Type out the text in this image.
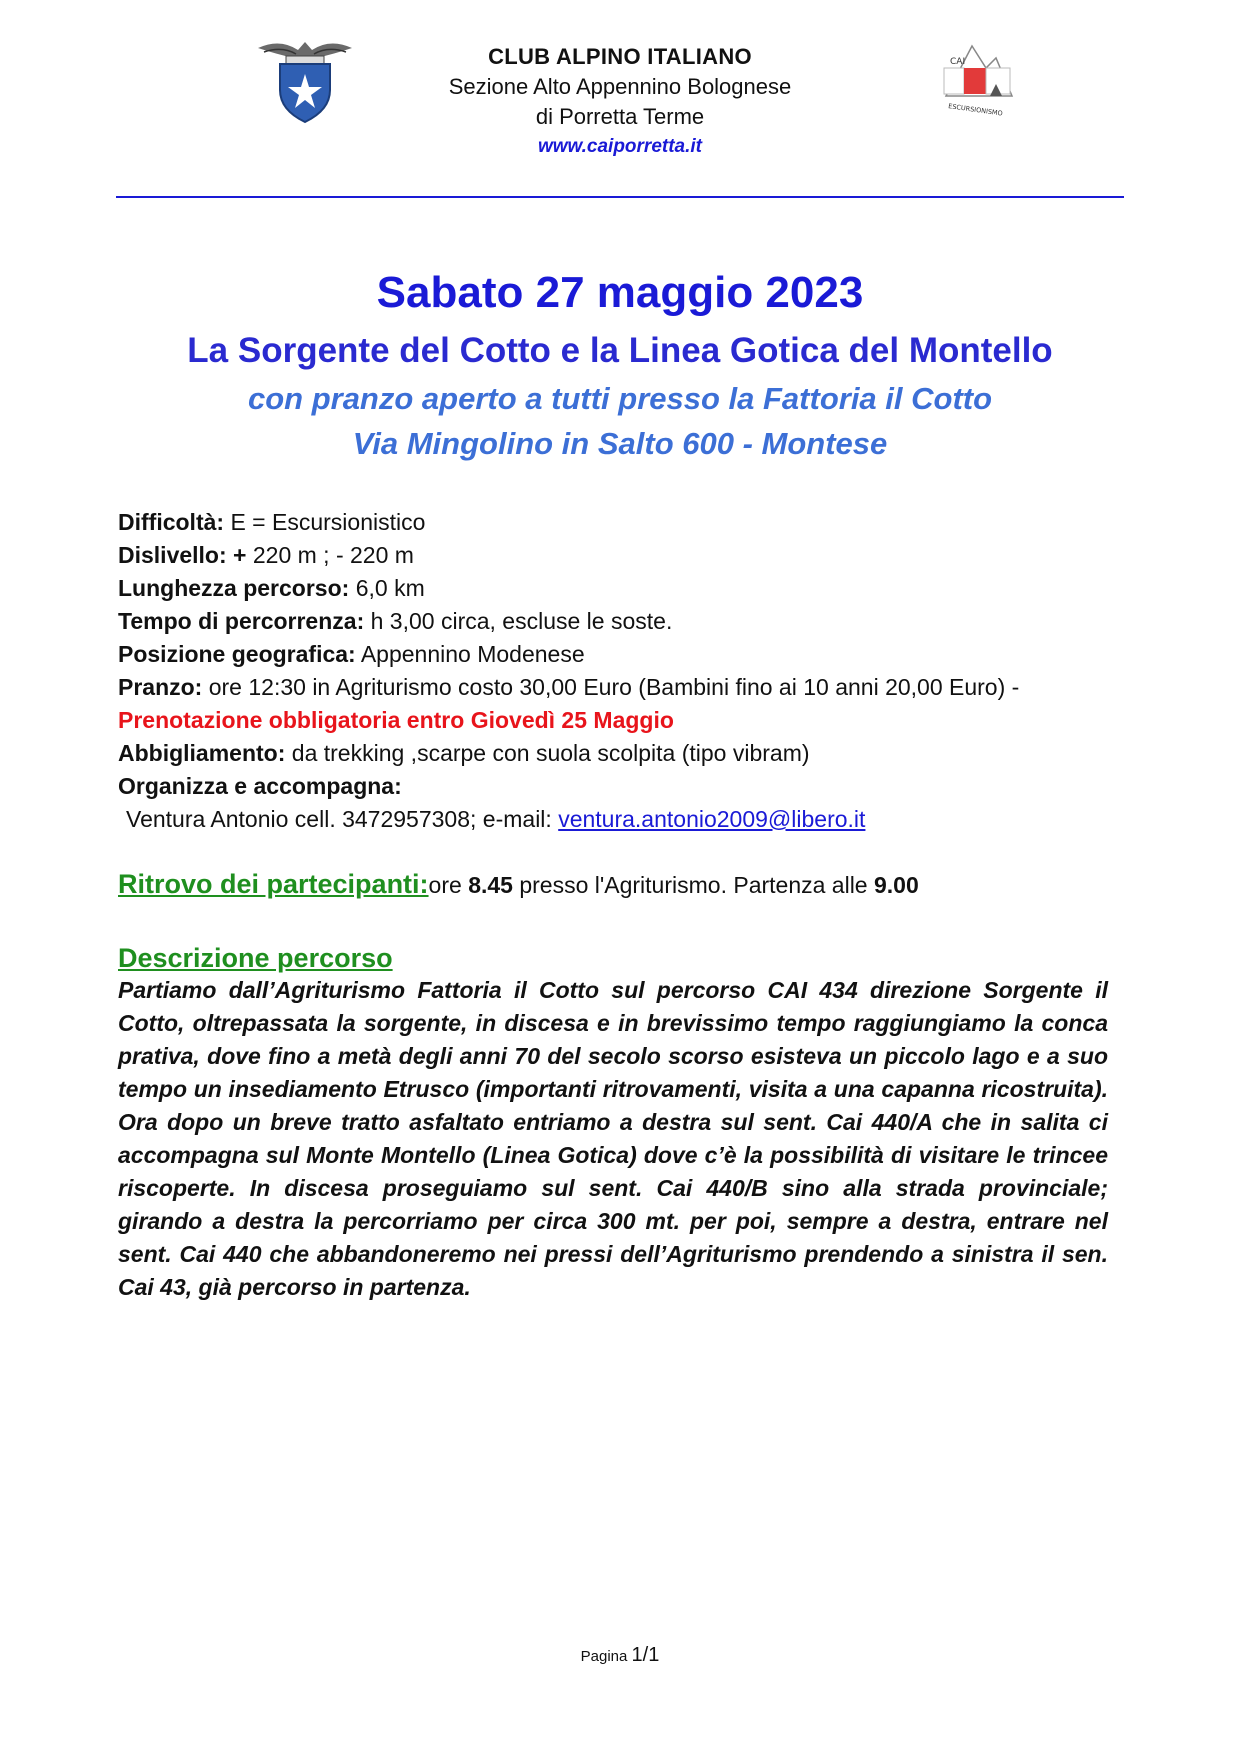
CLUB ALPINO ITALIANO
Sezione Alto Appennino Bolognese
di Porretta Terme
www.caiporretta.it
CAI
ESCURSIONISMO
Sabato 27 maggio 2023
La Sorgente del Cotto e la Linea Gotica del Montello
con pranzo aperto a tutti presso la Fattoria il Cotto
Via Mingolino in Salto 600 - Montese
Difficoltà: E = Escursionistico
Dislivello: + 220 m ; - 220 m
Lunghezza percorso: 6,0 km
Tempo di percorrenza: h 3,00 circa, escluse le soste.
Posizione geografica: Appennino Modenese
Pranzo: ore 12:30 in Agriturismo costo 30,00 Euro (Bambini fino ai 10 anni 20,00 Euro) -
Prenotazione obbligatoria entro Giovedì 25 Maggio
Abbigliamento: da trekking ,scarpe con suola scolpita (tipo vibram)
Organizza e accompagna:
Ventura Antonio cell. 3472957308; e-mail: ventura.antonio2009@libero.it
Ritrovo dei partecipanti:ore 8.45 presso l'Agriturismo. Partenza alle 9.00
Descrizione percorso
Partiamo dall’Agriturismo Fattoria il Cotto sul percorso CAI 434 direzione Sorgente il Cotto, oltrepassata la sorgente, in discesa e in brevissimo tempo raggiungiamo la conca prativa, dove fino a metà degli anni 70 del secolo scorso esisteva un piccolo lago e a suo tempo un insediamento Etrusco (importanti ritrovamenti, visita a una capanna ricostruita). Ora dopo un breve tratto asfaltato entriamo a destra sul sent. Cai 440/A che in salita ci accompagna sul Monte Montello (Linea Gotica) dove c’è la possibilità di visitare le trincee riscoperte. In discesa proseguiamo sul sent. Cai 440/B sino alla strada provinciale; girando a destra la percorriamo per circa 300 mt. per poi, sempre a destra, entrare nel sent. Cai 440 che abbandoneremo nei pressi dell’Agriturismo prendendo a sinistra il sen. Cai 43, già percorso in partenza.
Pagina 1/1
